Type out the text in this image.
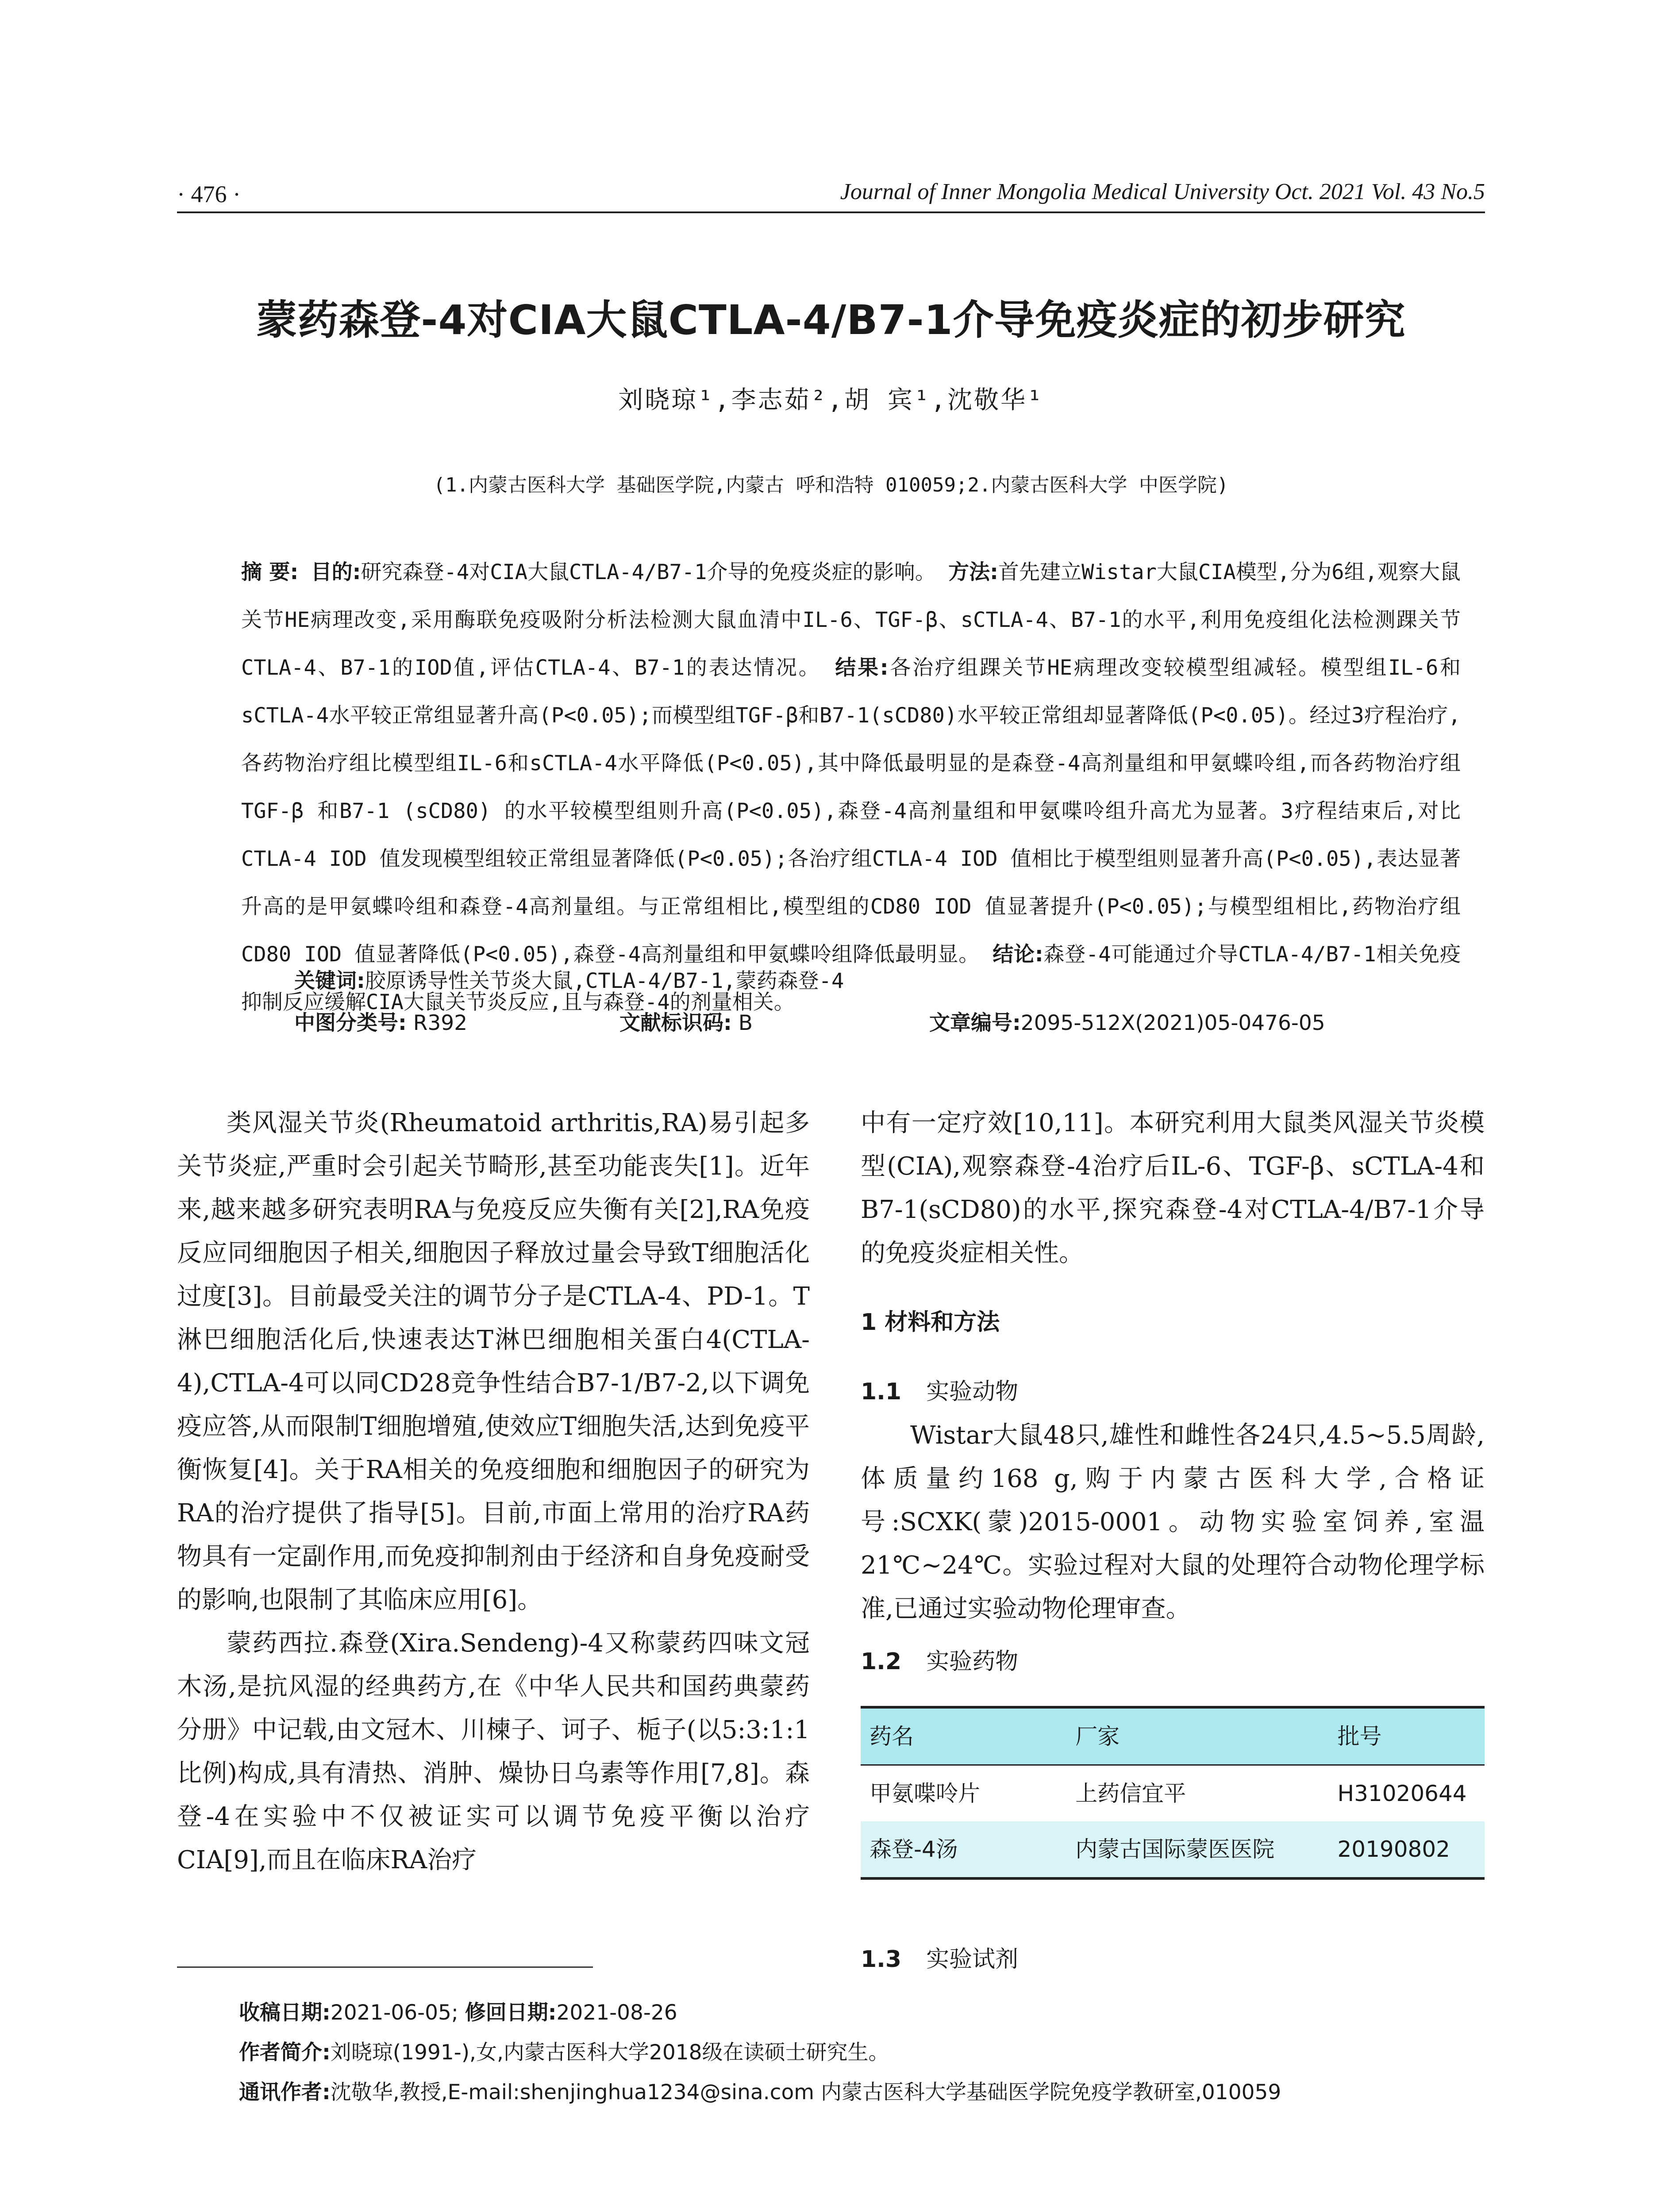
· 476 ·	Journal of Inner Mongolia Medical University Oct. 2021 Vol. 43 No.5
蒙药森登-4对CIA大鼠CTLA-4/B7-1介导免疫炎症的初步研究
刘晓琼¹,李志茹²,胡 宾¹,沈敬华¹
(1.内蒙古医科大学 基础医学院,内蒙古 呼和浩特 010059;2.内蒙古医科大学 中医学院)
摘 要: 目的:研究森登-4对CIA大鼠CTLA-4/B7-1介导的免疫炎症的影响。 方法:首先建立Wistar大鼠CIA模型,分为6组,观察大鼠关节HE病理改变,采用酶联免疫吸附分析法检测大鼠血清中IL-6、TGF-β、sCTLA-4、B7-1的水平,利用免疫组化法检测踝关节CTLA-4、B7-1的IOD值,评估CTLA-4、B7-1的表达情况。 结果:各治疗组踝关节HE病理改变较模型组减轻。模型组IL-6和sCTLA-4水平较正常组显著升高(P<0.05);而模型组TGF-β和B7-1(sCD80)水平较正常组却显著降低(P<0.05)。经过3疗程治疗,各药物治疗组比模型组IL-6和sCTLA-4水平降低(P<0.05),其中降低最明显的是森登-4高剂量组和甲氨蝶呤组,而各药物治疗组 TGF-β 和B7-1 (sCD80) 的水平较模型组则升高(P<0.05),森登-4高剂量组和甲氨喋呤组升高尤为显著。3疗程结束后,对比CTLA-4 IOD 值发现模型组较正常组显著降低(P<0.05);各治疗组CTLA-4 IOD 值相比于模型组则显著升高(P<0.05),表达显著升高的是甲氨蝶呤组和森登-4高剂量组。与正常组相比,模型组的CD80 IOD 值显著提升(P<0.05);与模型组相比,药物治疗组CD80 IOD 值显著降低(P<0.05),森登-4高剂量组和甲氨蝶呤组降低最明显。 结论:森登-4可能通过介导CTLA-4/B7-1相关免疫抑制反应缓解CIA大鼠关节炎反应,且与森登-4的剂量相关。
关键词:胶原诱导性关节炎大鼠,CTLA-4/B7-1,蒙药森登-4
中图分类号: R392	文献标识码: B	文章编号:2095-512X(2021)05-0476-05

类风湿关节炎(Rheumatoid arthritis,RA)易引起多关节炎症,严重时会引起关节畸形,甚至功能丧失[1]。近年来,越来越多研究表明RA与免疫反应失衡有关[2],RA免疫反应同细胞因子相关,细胞因子释放过量会导致T细胞活化过度[3]。目前最受关注的调节分子是CTLA-4、PD-1。T淋巴细胞活化后,快速表达T淋巴细胞相关蛋白4(CTLA-4),CTLA-4可以同CD28竞争性结合B7-1/B7-2,以下调免疫应答,从而限制T细胞增殖,使效应T细胞失活,达到免疫平衡恢复[4]。关于RA相关的免疫细胞和细胞因子的研究为RA的治疗提供了指导[5]。目前,市面上常用的治疗RA药物具有一定副作用,而免疫抑制剂由于经济和自身免疫耐受的影响,也限制了其临床应用[6]。

蒙药西拉.森登(Xira.Sendeng)-4又称蒙药四味文冠木汤,是抗风湿的经典药方,在《中华人民共和国药典蒙药分册》中记载,由文冠木、川楝子、诃子、栀子(以5:3:1:1比例)构成,具有清热、消肿、燥协日乌素等作用[7,8]。森登-4在实验中不仅被证实可以调节免疫平衡以治疗CIA[9],而且在临床RA治疗

中有一定疗效[10,11]。本研究利用大鼠类风湿关节炎模型(CIA),观察森登-4治疗后IL-6、TGF-β、sCTLA-4和B7-1(sCD80)的水平,探究森登-4对CTLA-4/B7-1介导的免疫炎症相关性。

1 材料和方法
1.1 实验动物

Wistar大鼠48只,雄性和雌性各24只,4.5~5.5周龄,体质量约168 g,购于内蒙古医科大学,合格证号:SCXK(蒙)2015-0001。动物实验室饲养,室温21℃~24℃。实验过程对大鼠的处理符合动物伦理学标准,已通过实验动物伦理审查。

1.2 实验药物
药名	厂家	批号
甲氨喋呤片	上药信宜平	H31020644
森登-4汤	内蒙古国际蒙医医院	20190802
1.3 实验试剂
收稿日期:2021-06-05; 修回日期:2021-08-26
作者简介:刘晓琼(1991-),女,内蒙古医科大学2018级在读硕士研究生。
通讯作者:沈敬华,教授,E-mail:shenjinghua1234@sina.com 内蒙古医科大学基础医学院免疫学教研室,010059
